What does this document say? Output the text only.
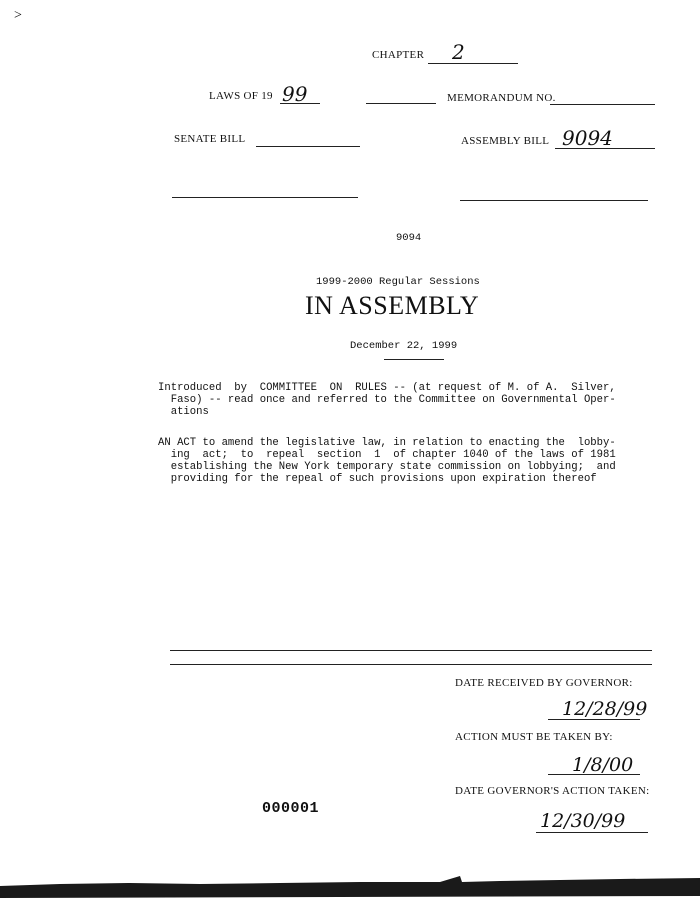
>
CHAPTER 2
LAWS OF 19 99	MEMORANDUM NO.
SENATE BILL	ASSEMBLY BILL 9094
9094
1999-2000 Regular Sessions
IN ASSEMBLY
December 22, 1999
Introduced  by  COMMITTEE  ON  RULES -- (at request of M. of A.  Silver,
Faso) -- read once and referred to the Committee on Governmental Oper-
ations
AN ACT to amend the legislative law, in relation to enacting the  lobby-
ing  act;  to  repeal  section  1  of chapter 1040 of the laws of 1981
establishing the New York temporary state commission on lobbying;  and
providing for the repeal of such provisions upon expiration thereof
DATE RECEIVED BY GOVERNOR:
12/28/99
ACTION MUST BE TAKEN BY:
1/8/00
DATE GOVERNOR'S ACTION TAKEN:
12/30/99
000001
